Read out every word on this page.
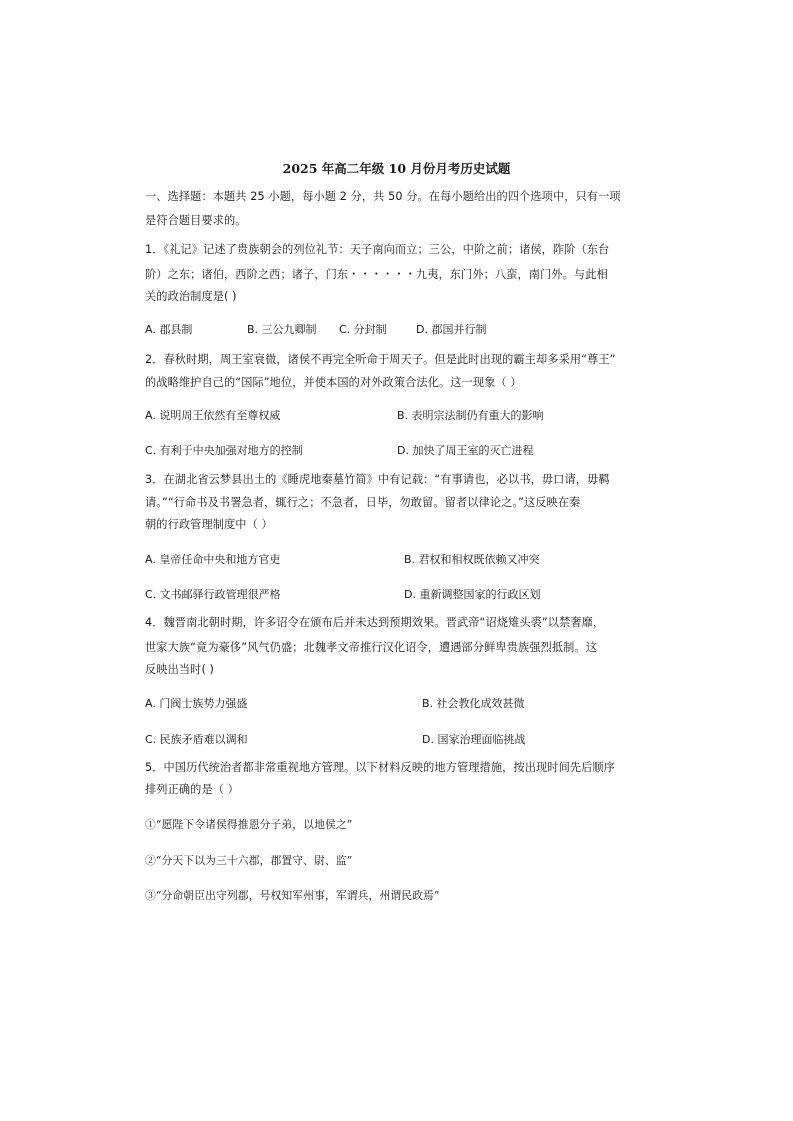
2025 年高二年级 10 月份月考历史试题
一、选择题：本题共 25 小题，每小题 2 分，共 50 分。在每小题给出的四个选项中，只有一项
是符合题目要求的。
1．《礼记》记述了贵族朝会的列位礼节：天子南向而立；三公，中阶之前；诸侯，阼阶（东台
阶）之东；诸伯，西阶之西；诸子，门东・・・・・・九夷，东门外；八蛮，南门外。与此相
关的政治制度是( )
A. 郡县制	B. 三公九卿制 C. 分封制	D. 郡国并行制
2．春秋时期，周王室衰微，诸侯不再完全听命于周天子。但是此时出现的霸主却多采用“尊王”
的战略维护自己的“国际”地位，并使本国的对外政策合法化。这一现象（ ）
A. 说明周王依然有至尊权威	B. 表明宗法制仍有重大的影响
C. 有利于中央加强对地方的控制	D. 加快了周王室的灭亡进程
3．在湖北省云梦县出土的《睡虎地秦墓竹简》中有记载：“有事请也，必以书，毋口请，毋羁
请。”“行命书及书署急者，辄行之；不急者，日毕，勿敢留。留者以律论之。”这反映在秦
朝的行政管理制度中（ ）
A. 皇帝任命中央和地方官吏	B. 君权和相权既依赖又冲突
C. 文书邮驿行政管理很严格	D. 重新调整国家的行政区划
4．魏晋南北朝时期，许多诏令在颁布后并未达到预期效果。晋武帝“诏烧雉头裘”以禁奢靡，
世家大族“竟为豪侈”风气仍盛；北魏孝文帝推行汉化诏令，遭遇部分鲜卑贵族强烈抵制。这
反映出当时( )
A. 门阀士族势力强盛	B. 社会教化成效甚微
C. 民族矛盾难以调和	D. 国家治理面临挑战
5．中国历代统治者都非常重视地方管理。以下材料反映的地方管理措施，按出现时间先后顺序
排列正确的是（ ）
①“愿陛下令诸侯得推恩分子弟，以地侯之”
②“分天下以为三十六郡，郡置守、尉、监”
③“分命朝臣出守列郡，号权知军州事，军谓兵，州谓民政焉”
